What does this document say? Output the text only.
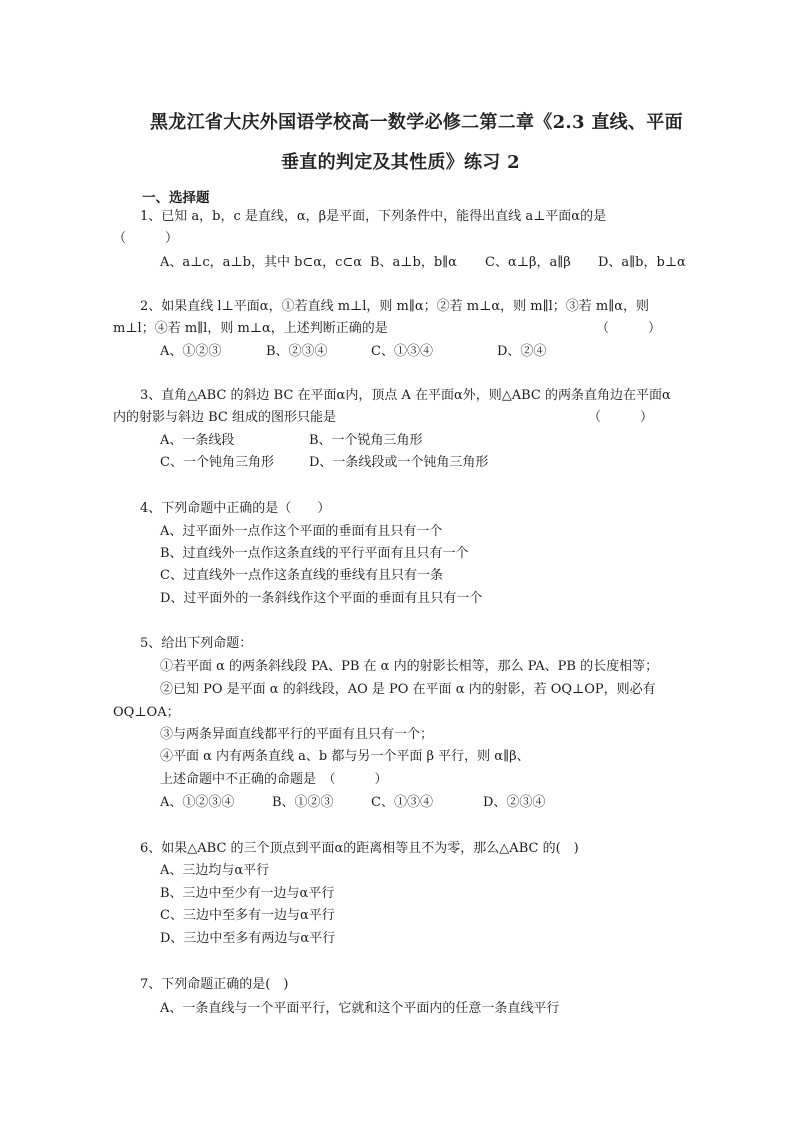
黑龙江省大庆外国语学校高一数学必修二第二章《2.3 直线、平面
垂直的判定及其性质》练习 2
一、选择题
1、已知 a，b，c 是直线，α，β是平面，下列条件中，能得出直线 a⊥平面α的是
（　　　）
A、a⊥c，a⊥b，其中 b⊂α，c⊂α B、a⊥b，b∥α C、α⊥β，a∥β D、a∥b，b⊥α
2、如果直线 l⊥平面α，①若直线 m⊥l，则 m∥α；②若 m⊥α，则 m∥l；③若 m∥α，则
m⊥l；④若 m∥l，则 m⊥α，上述判断正确的是	（　　　）
A、①②③	B、②③④	C、①③④	D、②④
3、直角△ABC 的斜边 BC 在平面α内，顶点 A 在平面α外，则△ABC 的两条直角边在平面α
内的射影与斜边 BC 组成的图形只能是	（　　　）
A、一条线段	B、一个锐角三角形
C、一个钝角三角形	D、一条线段或一个钝角三角形
4、下列命题中正确的是（　　）
A、过平面外一点作这个平面的垂面有且只有一个
B、过直线外一点作这条直线的平行平面有且只有一个
C、过直线外一点作这条直线的垂线有且只有一条
D、过平面外的一条斜线作这个平面的垂面有且只有一个
5、给出下列命题：
①若平面 α 的两条斜线段 PA、PB 在 α 内的射影长相等，那么 PA、PB 的长度相等；
②已知 PO 是平面 α 的斜线段，AO 是 PO 在平面 α 内的射影，若 OQ⊥OP，则必有
OQ⊥OA；
③与两条异面直线都平行的平面有且只有一个；
④平面 α 内有两条直线 a、b 都与另一个平面 β 平行，则 α∥β、
上述命题中不正确的命题是　（　　　）
A、①②③④	B、①②③	C、①③④	D、②③④
6、如果△ABC 的三个顶点到平面α的距离相等且不为零，那么△ABC 的(　)
A、三边均与α平行
B、三边中至少有一边与α平行
C、三边中至多有一边与α平行
D、三边中至多有两边与α平行
7、下列命题正确的是(　)
A、一条直线与一个平面平行，它就和这个平面内的任意一条直线平行
